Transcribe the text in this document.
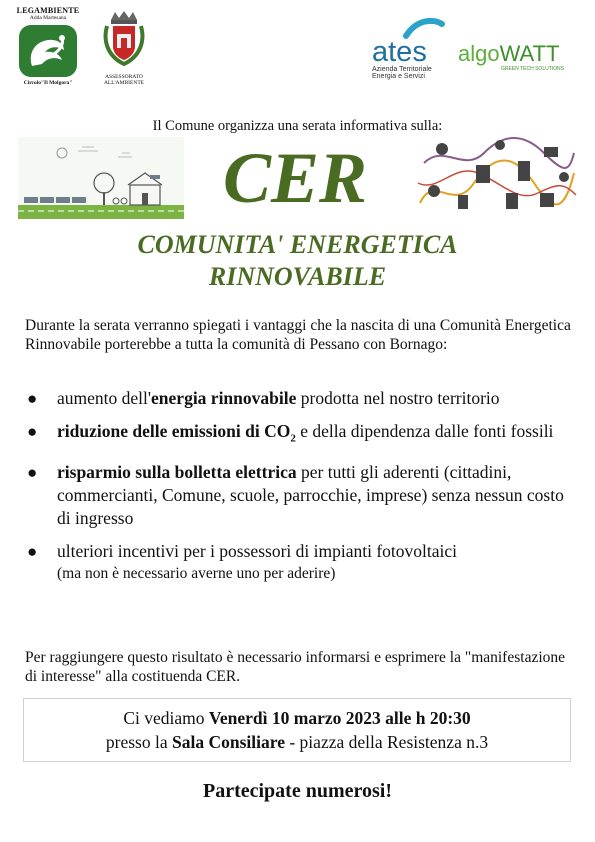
LEGAMBIENTE
Adda Martesana
Circolo"Il Molgora"
ASSESSORATO
ALL'AMBIENTE
ates
Azienda Territoriale
Energia e Servizi
algoWATT
GREEN TECH SOLUTIONS
Il Comune organizza una serata informativa sulla:
CER
COMUNITA' ENERGETICA
RINNOVABILE
Durante la serata verranno spiegati i vantaggi che la nascita di una Comunità Energetica Rinnovabile porterebbe a tutta la comunità di Pessano con Bornago:
● aumento dell'energia rinnovabile prodotta nel nostro territorio
● riduzione delle emissioni di $CO_2$ e della dipendenza dalle fonti fossili
● risparmio sulla bolletta elettrica per tutti gli aderenti (cittadini, commercianti, Comune, scuole, parrocchie, imprese) senza nessun costo di ingresso
● ulteriori incentivi per i possessori di impianti fotovoltaici
(ma non è necessario averne uno per aderire)
Per raggiungere questo risultato è necessario informarsi e esprimere la "manifestazione di interesse" alla costituenda CER.
Ci vediamo Venerdì 10 marzo 2023 alle h 20:30
presso la Sala Consiliare - piazza della Resistenza n.3
Partecipate numerosi!
